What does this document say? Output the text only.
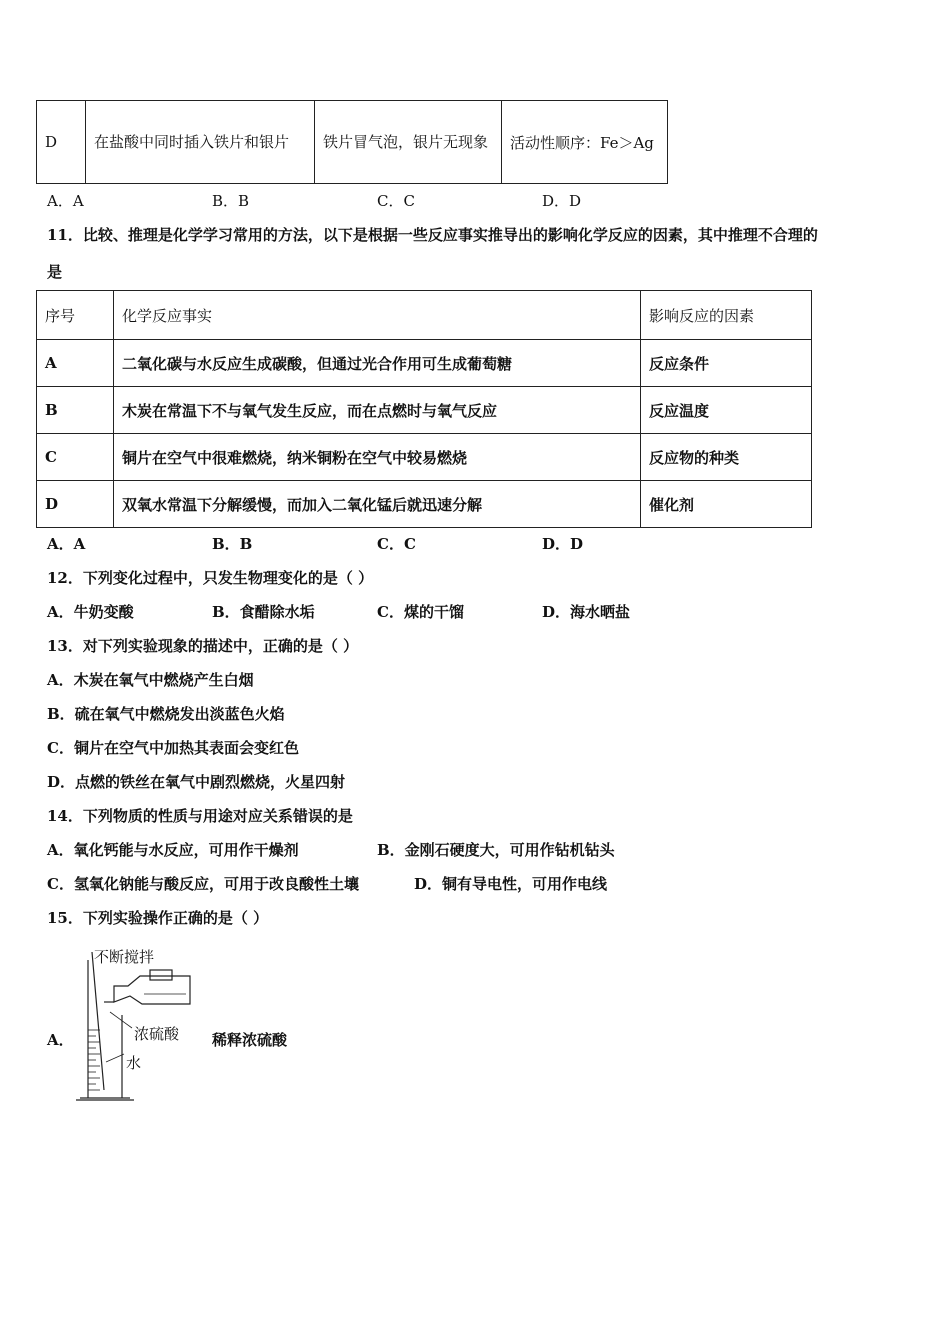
D	在盐酸中同时插入铁片和银片	铁片冒气泡，银片无现象	活动性顺序：Fe＞Ag
A．A	B．B	C．C	D．D
11．比较、推理是化学学习常用的方法，以下是根据一些反应事实推导出的影响化学反应的因素，其中推理不合理的
是
序号	化学反应事实	影响反应的因素
A	二氧化碳与水反应生成碳酸，但通过光合作用可生成葡萄糖	反应条件
B	木炭在常温下不与氧气发生反应，而在点燃时与氧气反应	反应温度
C	铜片在空气中很难燃烧，纳米铜粉在空气中较易燃烧	反应物的种类
D	双氧水常温下分解缓慢，而加入二氧化锰后就迅速分解	催化剂
A．A	B．B	C．C	D．D
12．下列变化过程中，只发生物理变化的是（ ）
A．牛奶变酸	B．食醋除水垢	C．煤的干馏	D．海水晒盐
13．对下列实验现象的描述中，正确的是（ ）
A．木炭在氧气中燃烧产生白烟
B．硫在氧气中燃烧发出淡蓝色火焰
C．铜片在空气中加热其表面会变红色
D．点燃的铁丝在氧气中剧烈燃烧，火星四射
14．下列物质的性质与用途对应关系错误的是
A．氧化钙能与水反应，可用作干燥剂	B．金刚石硬度大，可用作钻机钻头
C．氢氧化钠能与酸反应，可用于改良酸性土壤	D．铜有导电性，可用作电线
15．下列实验操作正确的是（ ）
A．	稀释浓硫酸
不断搅拌
浓硫酸
水
